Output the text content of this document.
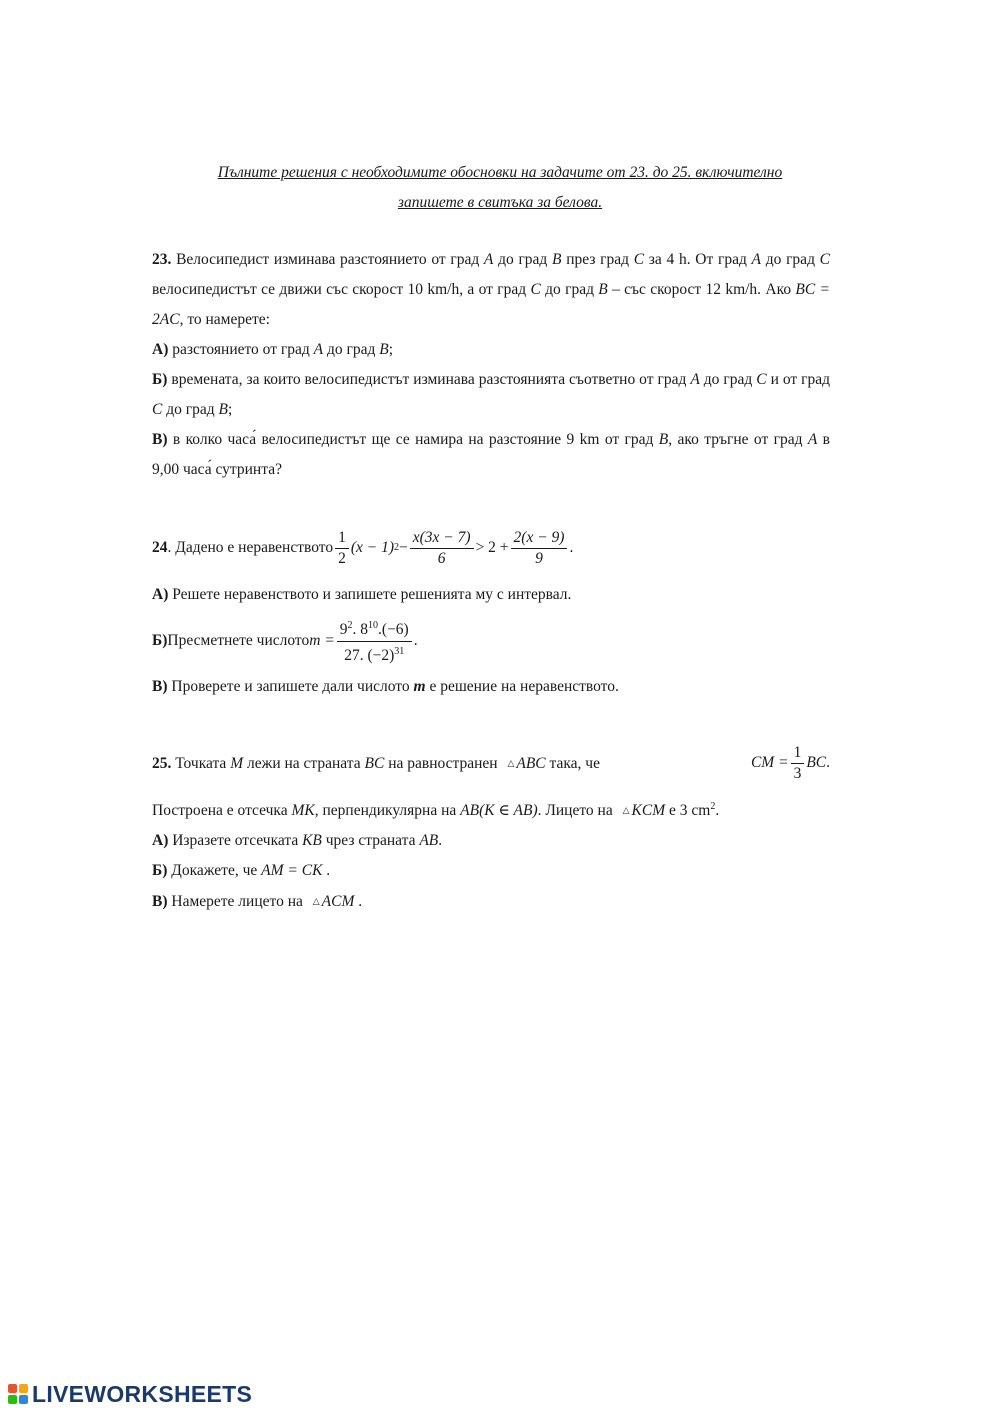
Пълните решения с необходимите обосновки на задачите от 23. до 25. включително
запишете в свитъка за белова.

23. Велосипедист изминава разстоянието от град A до град B през град C за 4 h. От град A до град C велосипедистът се движи със скорост 10 km/h, а от град C до град B – със скорост 12 km/h. Ако BC = 2AC, то намерете:

А) разстоянието от град A до град B;

Б) времената, за които велосипедистът изминава разстоянията съответно от град A до град C и от град C до град B;

В) в колко часа́ велосипедистът ще се намира на разстояние 9 km от град B, ако тръгне от град A в 9,00 часа́ сутринта?

24 . Дадено е неравенството $\frac{1}{2} (x - 1) 2 - \frac{x(3x - 7)}{6} > 2 + \frac{2(x - 9)}{9}$ .

А) Решете неравенството и запишете решенията му с интервал.

Б) Пресметнете числото $m = \frac{9^2. 8^{10}.(-6)}{27. (-2)^{31}}$ .

В) Проверете и запишете дали числото m е решение на неравенството.

25. Точката M лежи на страната BC на равностранен △ ABC така, че	CM = $\frac{1}{3}$ BC .

Построена е отсечка MK, перпендикулярна на AB(K ∈ AB). Лицето на △ KCM е 3 $cm^2$.

А) Изразете отсечката KB чрез страната AB.

Б) Докажете, че AM = CK .

В) Намерете лицето на △ ACM .

LIVEWORKSHEETS
